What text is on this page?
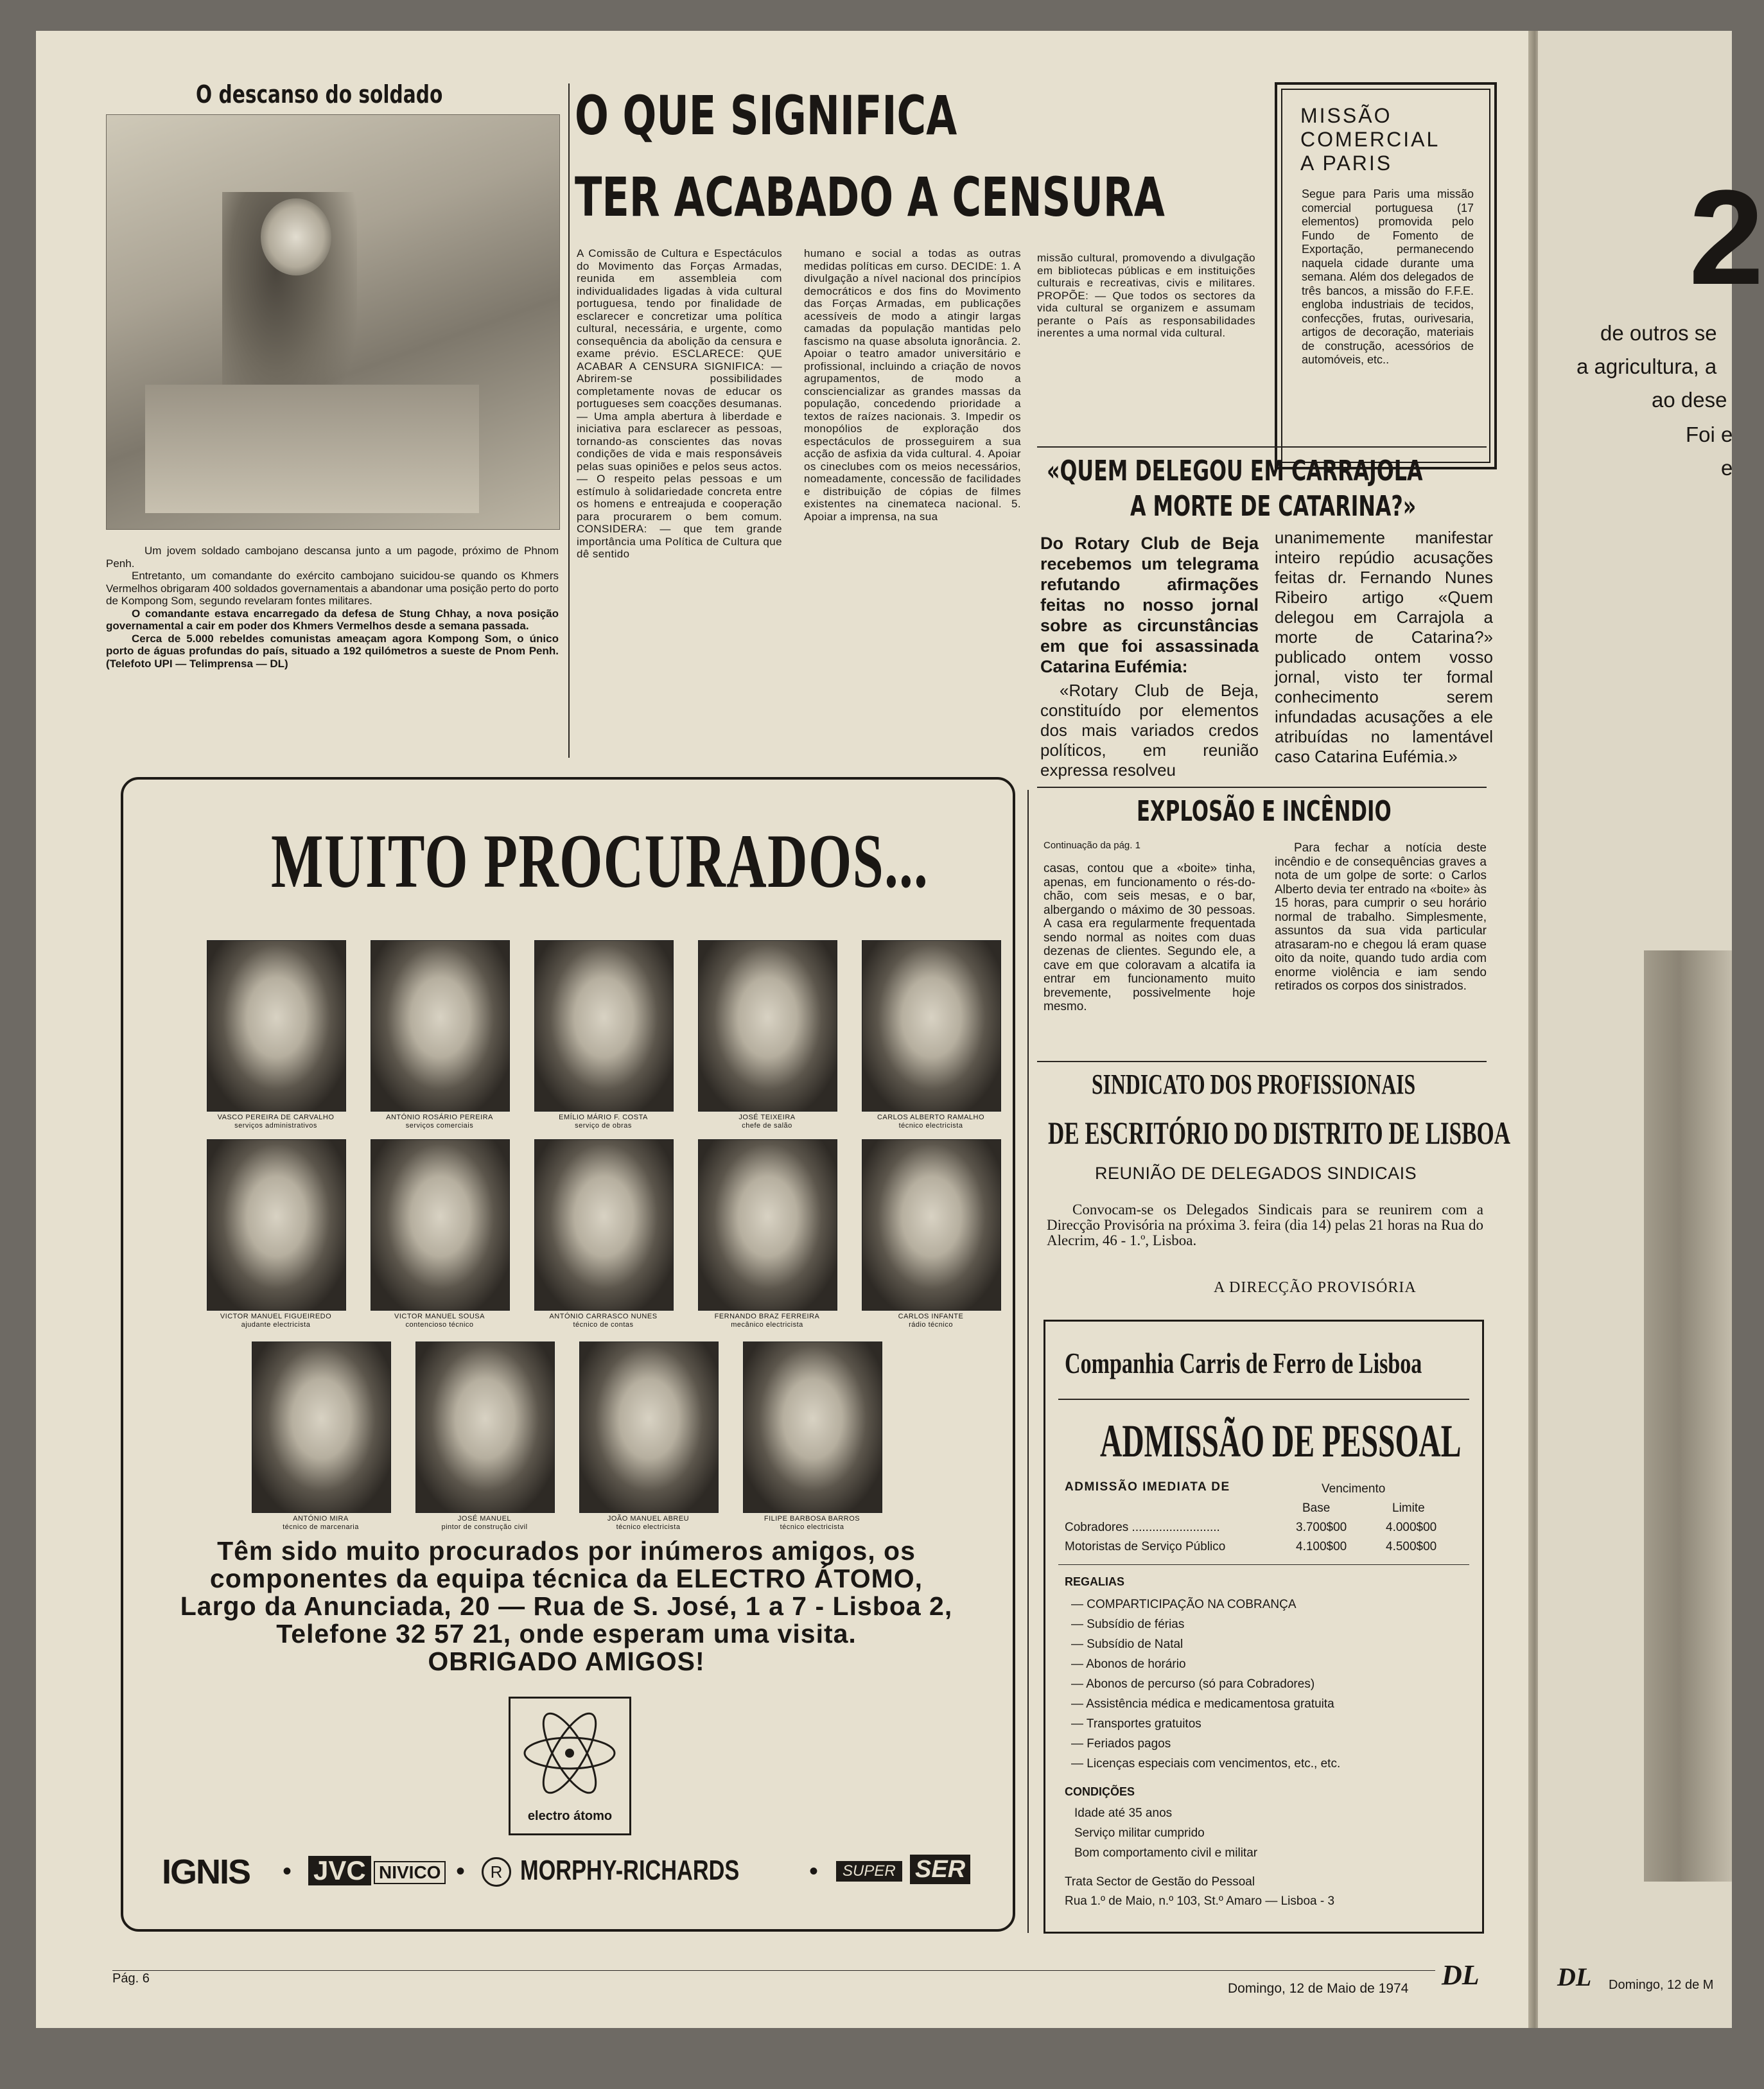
O descanso do soldado

Um jovem soldado cambojano descansa junto a um pagode, próximo de Phnom Penh.

Entretanto, um comandante do exército cambojano suicidou-se quando os Khmers Vermelhos obrigaram 400 soldados governamentais a abandonar uma posição perto do porto de Kompong Som, segundo revelaram fontes militares.

O comandante estava encarregado da defesa de Stung Chhay, a nova posição governamental a cair em poder dos Khmers Vermelhos desde a semana passada.

Cerca de 5.000 rebeldes comunistas ameaçam agora Kompong Som, o único porto de águas profundas do país, situado a 192 quilómetros a sueste de Pnom Penh. (Telefoto UPI — Telimprensa — DL)

O QUE SIGNIFICA
TER ACABADO A CENSURA
A Comissão de Cultura e Espectáculos do Movimento das Forças Armadas, reunida em assembleia com individualidades ligadas à vida cultural portuguesa, tendo por finalidade de esclarecer e concretizar uma política cultural, necessária, e urgente, como consequência da abolição da censura e exame prévio. ESCLARECE: QUE ACABAR A CENSURA SIGNIFICA: — Abrirem-se possibilidades completamente novas de educar os portugueses sem coacções desumanas. — Uma ampla abertura à liberdade e iniciativa para esclarecer as pessoas, tornando-as conscientes das novas condições de vida e mais responsáveis pelas suas opiniões e pelos seus actos. — O respeito pelas pessoas e um estímulo à solidariedade concreta entre os homens e entreajuda e cooperação para procurarem o bem comum. CONSIDERA: — que tem grande importância uma Política de Cultura que dê sentido
humano e social a todas as outras medidas políticas em curso. DECIDE: 1. A divulgação a nível nacional dos princípios democráticos e dos fins do Movimento das Forças Armadas, em publicações acessíveis de modo a atingir largas camadas da população mantidas pelo fascismo na quase absoluta ignorância. 2. Apoiar o teatro amador universitário e profissional, incluindo a criação de novos agrupamentos, de modo a consciencializar as grandes massas da população, concedendo prioridade a textos de raízes nacionais. 3. Impedir os monopólios de exploração dos espectáculos de prosseguirem a sua acção de asfixia da vida cultural. 4. Apoiar os cineclubes com os meios necessários, nomeadamente, concessão de facilidades e distribuição de cópias de filmes existentes na cinemateca nacional. 5. Apoiar a imprensa, na sua
missão cultural, promovendo a divulgação em bibliotecas públicas e em instituições culturais e recreativas, civis e militares. PROPÕE: — Que todos os sectores da vida cultural se organizem e assumam perante o País as responsabilidades inerentes a uma normal vida cultural.
MISSÃO
COMERCIAL
A PARIS
Segue para Paris uma missão comercial portuguesa (17 elementos) promovida pelo Fundo de Fomento de Exportação, permanecendo naquela cidade durante uma semana. Além dos delegados de três bancos, a missão do F.F.E. engloba industriais de tecidos, confecções, frutas, ourivesaria, artigos de decoração, materiais de construção, acessórios de automóveis, etc..
«QUEM DELEGOU EM CARRAJOLA
A MORTE DE CATARINA?»
Do Rotary Club de Beja recebemos um telegrama refutando afirmações feitas no nosso jornal sobre as circunstâncias em que foi assassinada Catarina Eufémia:
«Rotary Club de Beja, constituído por elementos dos mais variados credos políticos, em reunião expressa resolveu
unanimemente manifestar inteiro repúdio acusações feitas dr. Fernando Nunes Ribeiro artigo «Quem delegou em Carrajola a morte de Catarina?» publicado ontem vosso jornal, visto ter formal conhecimento serem infundadas acusações a ele atribuídas no lamentável caso Catarina Eufémia.»
EXPLOSÃO E INCÊNDIO
Continuação da pág. 1
casas, contou que a «boite» tinha, apenas, em funcionamento o rés-do-chão, com seis mesas, e o bar, albergando o máximo de 30 pessoas. A casa era regularmente frequentada sendo normal as noites com duas dezenas de clientes. Segundo ele, a cave em que coloravam a alcatifa ia entrar em funcionamento muito brevemente, possivelmente hoje mesmo.
Para fechar a notícia deste incêndio e de consequências graves a nota de um golpe de sorte: o Carlos Alberto devia ter entrado na «boite» às 15 horas, para cumprir o seu horário normal de trabalho. Simplesmente, assuntos da sua vida particular atrasaram-no e chegou lá eram quase oito da noite, quando tudo ardia com enorme violência e iam sendo retirados os corpos dos sinistrados.
SINDICATO DOS PROFISSIONAIS
DE ESCRITÓRIO DO DISTRITO DE LISBOA
REUNIÃO DE DELEGADOS SINDICAIS
Convocam-se os Delegados Sindicais para se reunirem com a Direcção Provisória na próxima 3. feira (dia 14) pelas 21 horas na Rua do Alecrim, 46 - 1.º, Lisboa.
A DIRECÇÃO PROVISÓRIA
Companhia Carris de Ferro de Lisboa
ADMISSÃO DE PESSOAL
ADMISSÃO IMEDIATA DE	Vencimento
Base	Limite
Cobradores ..........................	3.700$00	4.000$00
Motoristas de Serviço Público	4.100$00	4.500$00
REGALIAS
— COMPARTICIPAÇÃO NA COBRANÇA
— Subsídio de férias
— Subsídio de Natal
— Abonos de horário
— Abonos de percurso (só para Cobradores)
— Assistência médica e medicamentosa gratuita
— Transportes gratuitos
— Feriados pagos
— Licenças especiais com vencimentos, etc., etc.
CONDIÇÕES
Idade até 35 anos
Serviço militar cumprido
Bom comportamento civil e militar
Trata Sector de Gestão do Pessoal
Rua 1.º de Maio, n.º 103, St.º Amaro — Lisboa - 3
MUITO PROCURADOS...
VASCO PEREIRA DE CARVALHO
serviços administrativos
ANTÓNIO ROSÁRIO PEREIRA
serviços comerciais
EMÍLIO MÁRIO F. COSTA
serviço de obras
JOSÉ TEIXEIRA
chefe de salão
CARLOS ALBERTO RAMALHO
técnico electricista
VICTOR MANUEL FIGUEIREDO
ajudante electricista
VICTOR MANUEL SOUSA
contencioso técnico
ANTÓNIO CARRASCO NUNES
técnico de contas
FERNANDO BRAZ FERREIRA
mecânico electricista
CARLOS INFANTE
rádio técnico
ANTÓNIO MIRA
técnico de marcenaria
JOSÉ MANUEL
pintor de construção civil
JOÃO MANUEL ABREU
técnico electricista
FILIPE BARBOSA BARROS
técnico electricista
Têm sido muito procurados por inúmeros amigos, os
componentes da equipa técnica da ELECTRO ÁTOMO,
Largo da Anunciada, 20 — Rua de S. José, 1 a 7 - Lisboa 2,
Telefone 32 57 21, onde esperam uma visita.
OBRIGADO AMIGOS!
electro átomo
IGNIS • JVC NIVICO •	R MORPHY-RICHARDS	•	SUPER SER
Pág. 6
Domingo, 12 de Maio de 1974 DL
2
de outros se
a agricultura, a
ao dese
Foi e
e
DL Domingo, 12 de M
